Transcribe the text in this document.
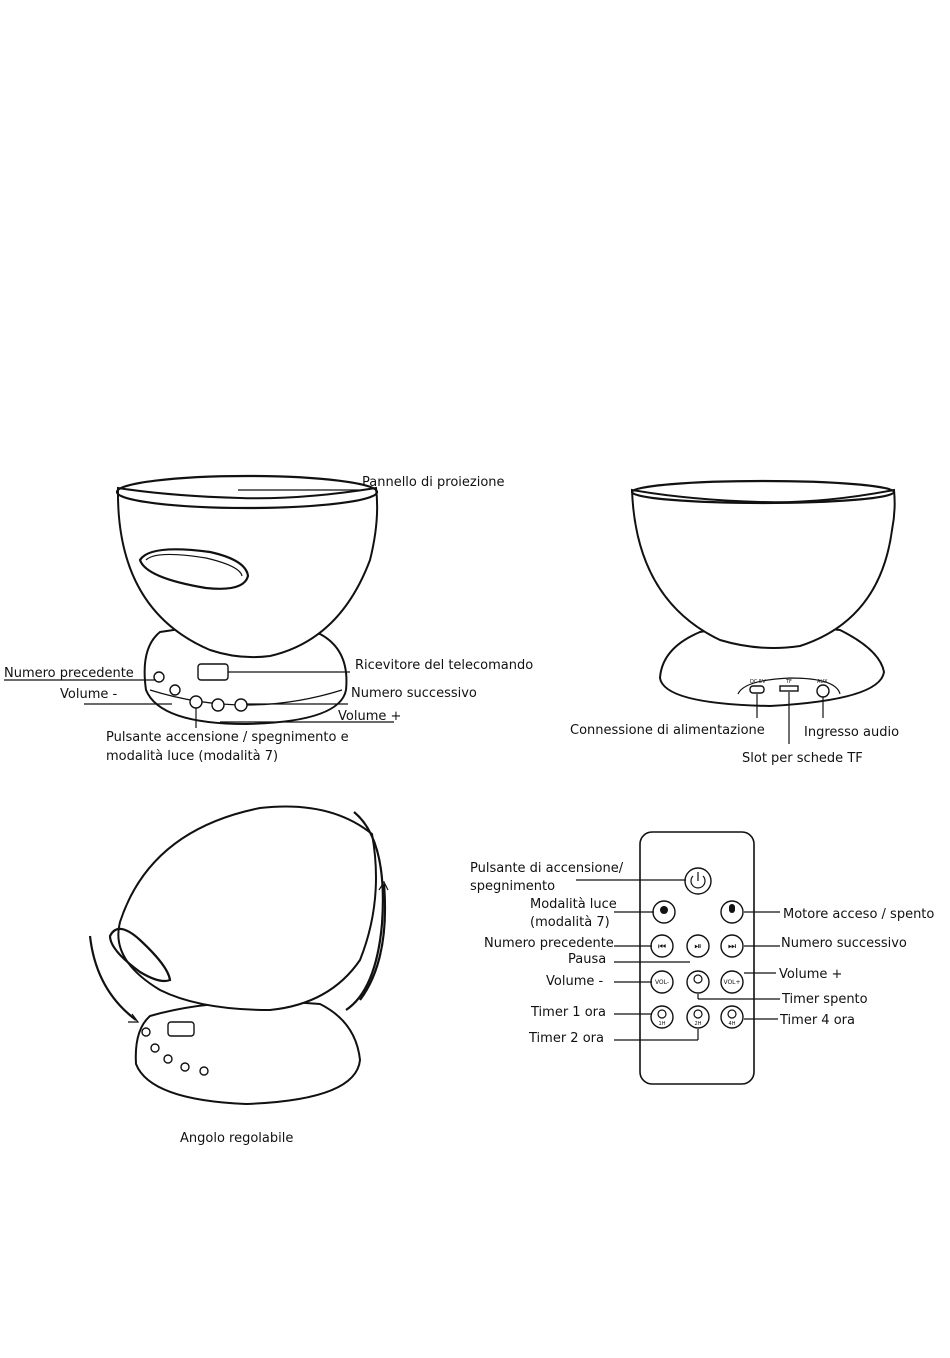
Pannello di proiezione
Ricevitore del telecomando
Numero precedente
Volume -	Numero successivo
Volume +
Pulsante accensione / spegnimento e
modalità luce (modalità 7)
DC 5V	TF	AUX
Connessione di alimentazione	Ingresso audio
Slot per schede TF
Angolo regolabile
⏮	⏯	⏭
VOL-	VOL+
1H	2H	4H
Pulsante di accensione/
spegnimento
Modalità luce
(modalità 7)
Motore acceso / spento
Numero precedente	Numero successivo
Pausa
Volume -	Volume +
Timer spento
Timer 1 ora
Timer 4 ora
Timer 2 ora
